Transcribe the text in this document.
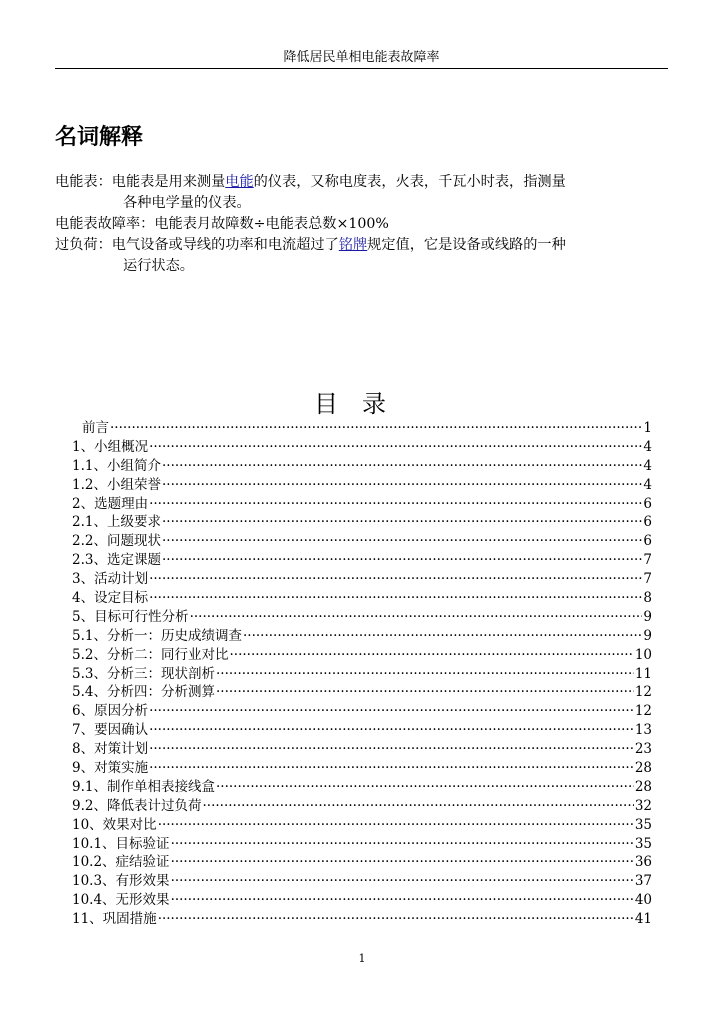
降低居民单相电能表故障率
名词解释
电能表：电能表是用来测量电能的仪表，又称电度表，火表，千瓦小时表，指测量
各种电学量的仪表。
电能表故障率：电能表月故障数÷电能表总数×100%
过负荷：电气设备或导线的功率和电流超过了铭牌规定值，它是设备或线路的一种
运行状态。
目录
前言 ·····	1
1、小组概况 ·····	4
1.1、小组简介 ·····	4
1.2、小组荣誉 ·····	4
2、选题理由 ·····	6
2.1、上级要求 ·····	6
2.2、问题现状 ·····	6
2.3、选定课题 ·····	7
3、活动计划 ·····	7
4、设定目标 ·····	8
5、目标可行性分析 ·····	9
5.1、分析一：历史成绩调查 ·····	9
5.2、分析二：同行业对比 ·····	10
5.3、分析三：现状剖析 ·····	11
5.4、分析四：分析测算 ·····	12
6、原因分析 ·····	12
7、要因确认 ·····	13
8、对策计划 ·····	23
9、对策实施 ·····	28
9.1、制作单相表接线盒 ·····	28
9.2、降低表计过负荷 ·····	32
10、效果对比 ·····	35
10.1、目标验证 ·····	35
10.2、症结验证 ·····	36
10.3、有形效果 ·····	37
10.4、无形效果 ·····	40
11、巩固措施 ·····	41
1
